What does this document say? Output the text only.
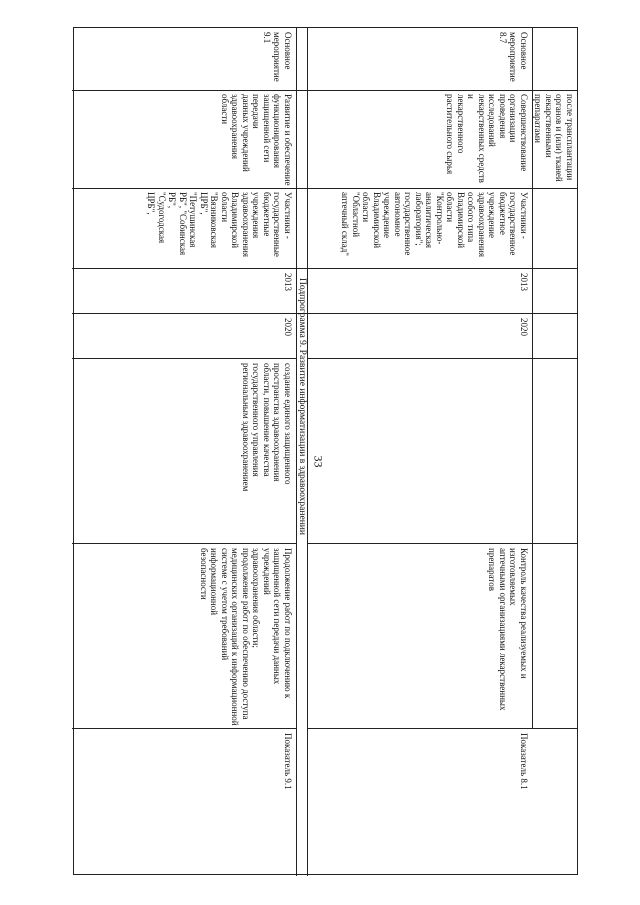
33
после трансплантации
органов и (или) тканей
лекарственными
препаратами
Основное
мероприятие
8.7
Совершенствование
организации проведения
исследований
лекарственных средств и
лекарственного
растительного сырья
Участники -
государственное
бюджетное
учреждение
здравоохранения
особого типа
Владимирской
области
"Контрольно-
аналитическая
лаборатория";
государственное
автономное
учреждение
Владимирской
области
"Областной
аптечный склад"
2013
2020
Контроль качества реализуемых и изготовляемых
аптечными организациями лекарственных
препаратов
Показатель 8.1
Подпрограмма 9. Развитие информатизации в здравоохранении
Основное
мероприятие
9.1
Развитие и обеспечение
функционирования
защищенной сети передачи
данных учреждений
здравоохранения области
Участники -
государственные
бюджетные
учреждения
здравоохранения
Владимирской
области
"Вязниковская
ЦРБ",
"Петушинская
РБ", "Собинская
РБ",
"Судогодская
ЦРБ",
2013
2020
создание единого защищенного
пространства здравоохранения
области, повышение качества
государственного управления
региональным здравоохранением
Продолжение работ по подключению к
защищенной сети передачи данных учреждений
здравоохранения области;
продолжение работ по обеспечению доступа
медицинских организаций к информационной
системе с учетом требований информационной
безопасности
Показатель 9.1
